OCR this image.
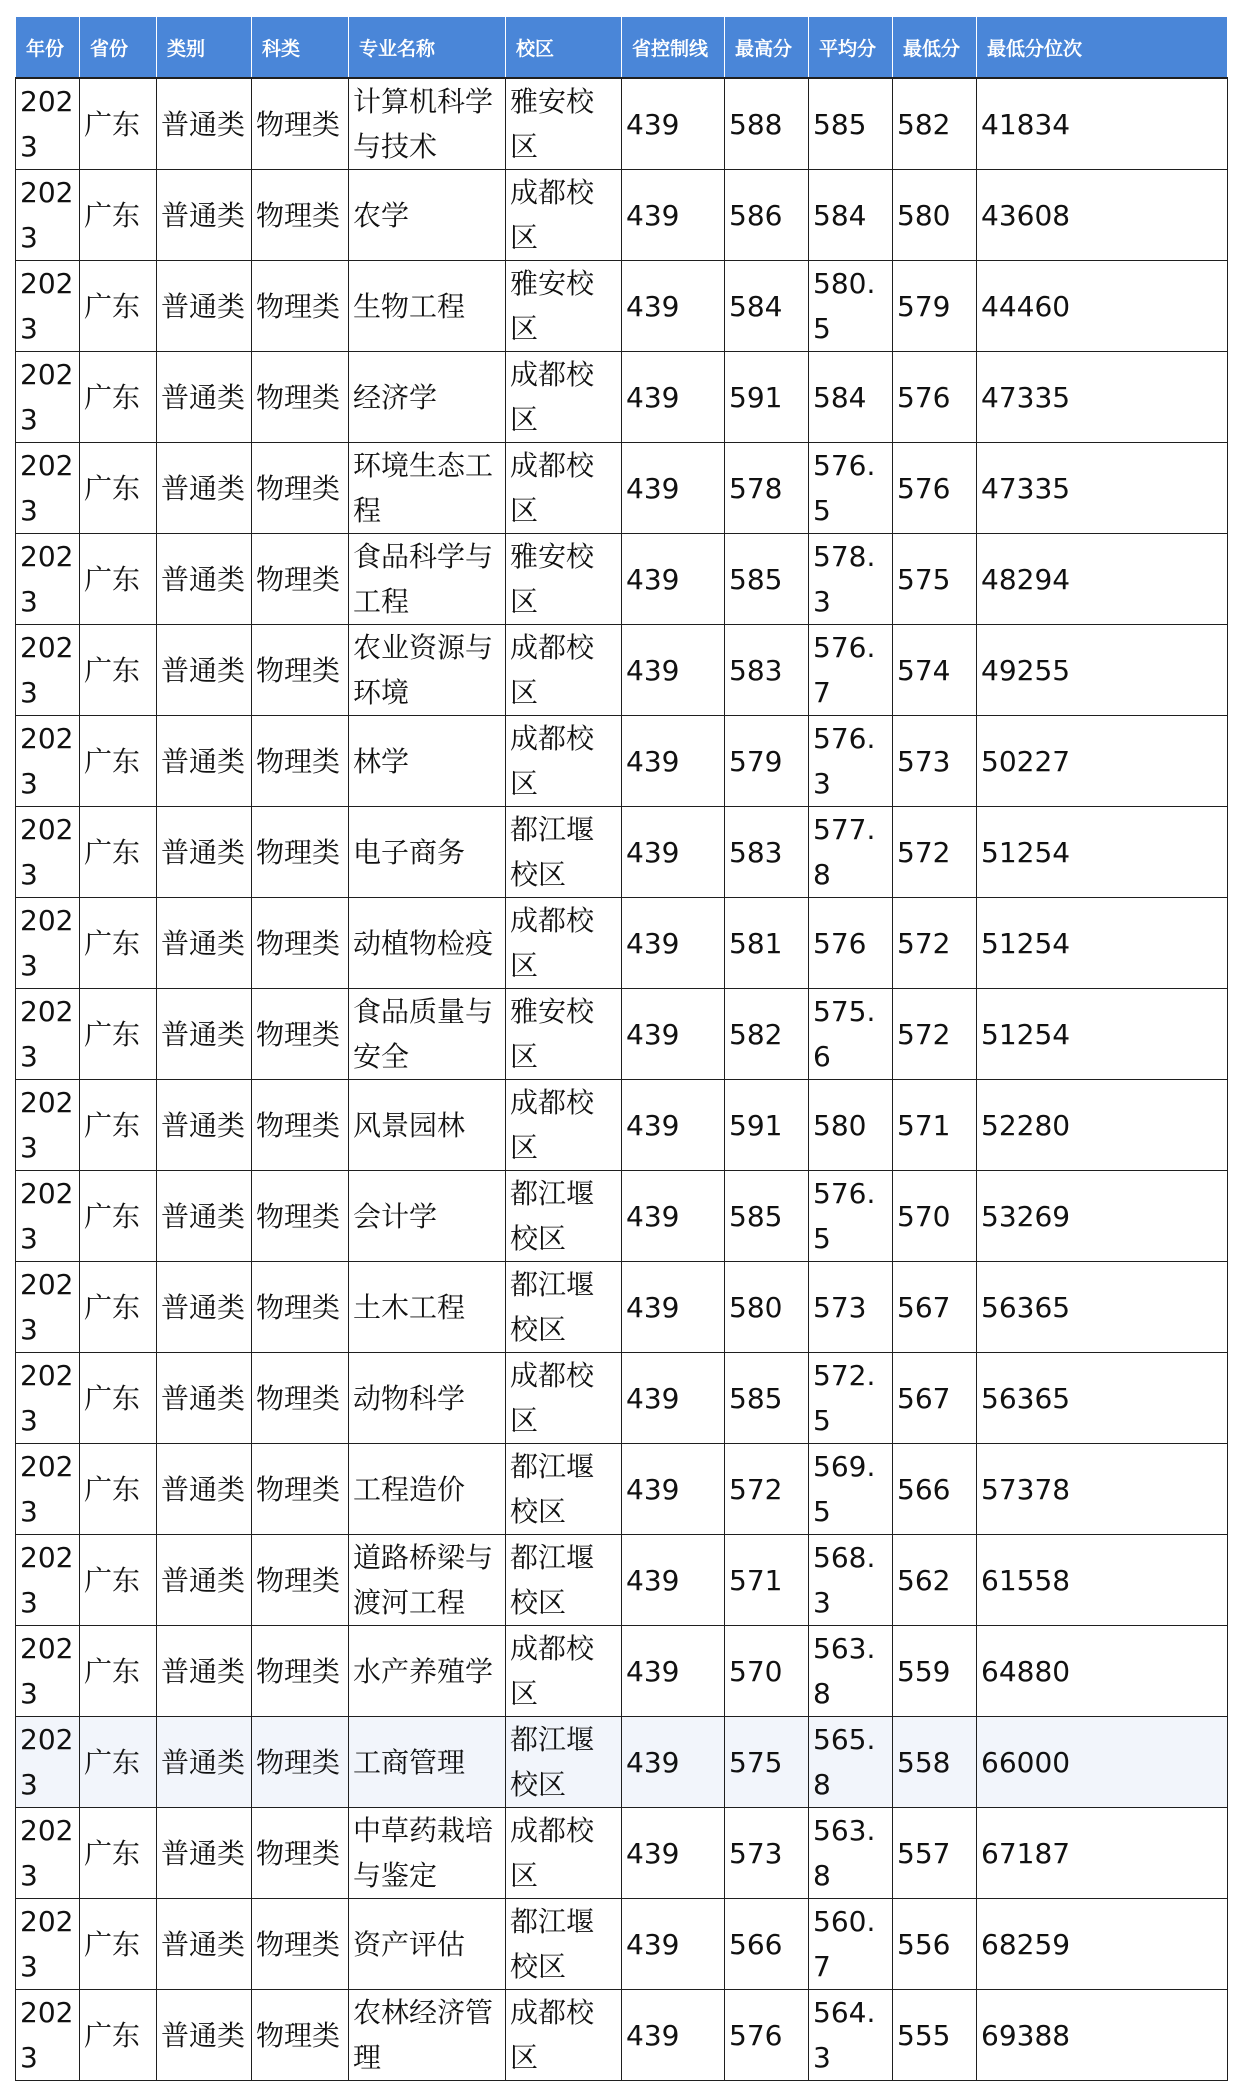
年份	省份	类别	科类	专业名称	校区	省控制线	最高分	平均分	最低分	最低分位次
2023	广东	普通类	物理类	计算机科学与技术	雅安校区	439	588	585	582	41834
2023	广东	普通类	物理类	农学	成都校区	439	586	584	580	43608
2023	广东	普通类	物理类	生物工程	雅安校区	439	584	580.5	579	44460
2023	广东	普通类	物理类	经济学	成都校区	439	591	584	576	47335
2023	广东	普通类	物理类	环境生态工程	成都校区	439	578	576.5	576	47335
2023	广东	普通类	物理类	食品科学与工程	雅安校区	439	585	578.3	575	48294
2023	广东	普通类	物理类	农业资源与环境	成都校区	439	583	576.7	574	49255
2023	广东	普通类	物理类	林学	成都校区	439	579	576.3	573	50227
2023	广东	普通类	物理类	电子商务	都江堰校区	439	583	577.8	572	51254
2023	广东	普通类	物理类	动植物检疫	成都校区	439	581	576	572	51254
2023	广东	普通类	物理类	食品质量与安全	雅安校区	439	582	575.6	572	51254
2023	广东	普通类	物理类	风景园林	成都校区	439	591	580	571	52280
2023	广东	普通类	物理类	会计学	都江堰校区	439	585	576.5	570	53269
2023	广东	普通类	物理类	土木工程	都江堰校区	439	580	573	567	56365
2023	广东	普通类	物理类	动物科学	成都校区	439	585	572.5	567	56365
2023	广东	普通类	物理类	工程造价	都江堰校区	439	572	569.5	566	57378
2023	广东	普通类	物理类	道路桥梁与渡河工程	都江堰校区	439	571	568.3	562	61558
2023	广东	普通类	物理类	水产养殖学	成都校区	439	570	563.8	559	64880
2023	广东	普通类	物理类	工商管理	都江堰校区	439	575	565.8	558	66000
2023	广东	普通类	物理类	中草药栽培与鉴定	成都校区	439	573	563.8	557	67187
2023	广东	普通类	物理类	资产评估	都江堰校区	439	566	560.7	556	68259
2023	广东	普通类	物理类	农林经济管理	成都校区	439	576	564.3	555	69388
